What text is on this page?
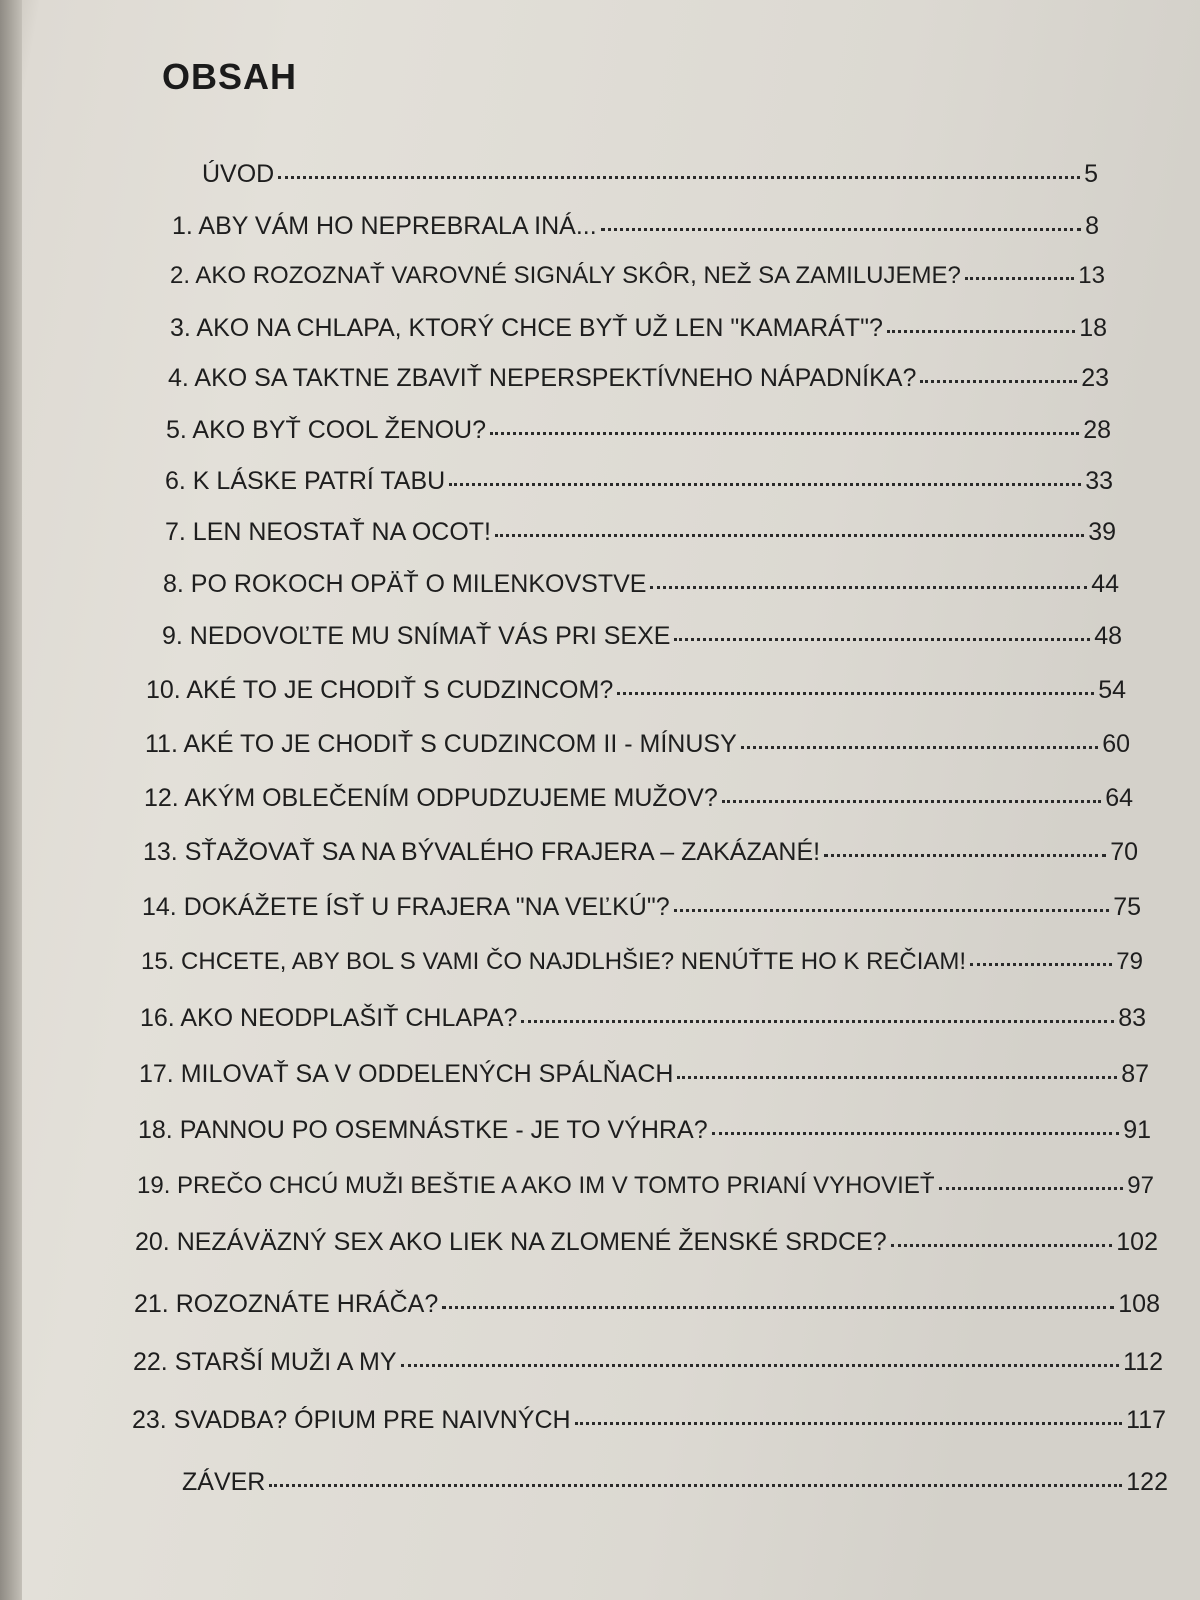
OBSAH
ÚVOD	5
1. ABY VÁM HO NEPREBRALA INÁ...	8
2. AKO ROZOZNAŤ VAROVNÉ SIGNÁLY SKÔR, NEŽ SA ZAMILUJEME?	13
3. AKO NA CHLAPA, KTORÝ CHCE BYŤ UŽ LEN "KAMARÁT"?	18
4. AKO SA TAKTNE ZBAVIŤ NEPERSPEKTÍVNEHO NÁPADNÍKA?	23
5. AKO BYŤ COOL ŽENOU?	28
6. K LÁSKE PATRÍ TABU	33
7. LEN NEOSTAŤ NA OCOT!	39
8. PO ROKOCH OPÄŤ O MILENKOVSTVE	44
9. NEDOVOĽTE MU SNÍMAŤ VÁS PRI SEXE	48
10. AKÉ TO JE CHODIŤ S CUDZINCOM?	54
11. AKÉ TO JE CHODIŤ S CUDZINCOM II - MÍNUSY	60
12. AKÝM OBLEČENÍM ODPUDZUJEME MUŽOV?	64
13. SŤAŽOVAŤ SA NA BÝVALÉHO FRAJERA – ZAKÁZANÉ!	70
14. DOKÁŽETE ÍSŤ U FRAJERA "NA VEĽKÚ"?	75
15. CHCETE, ABY BOL S VAMI ČO NAJDLHŠIE? NENÚŤTE HO K REČIAM!	79
16. AKO NEODPLAŠIŤ CHLAPA?	83
17. MILOVAŤ SA V ODDELENÝCH SPÁLŇACH	87
18. PANNOU PO OSEMNÁSTKE - JE TO VÝHRA?	91
19. PREČO CHCÚ MUŽI BEŠTIE A AKO IM V TOMTO PRIANÍ VYHOVIEŤ	97
20. NEZÁVÄZNÝ SEX AKO LIEK NA ZLOMENÉ ŽENSKÉ SRDCE?	102
21. ROZOZNÁTE HRÁČA?	108
22. STARŠÍ MUŽI A MY	112
23. SVADBA? ÓPIUM PRE NAIVNÝCH	117
ZÁVER	122
